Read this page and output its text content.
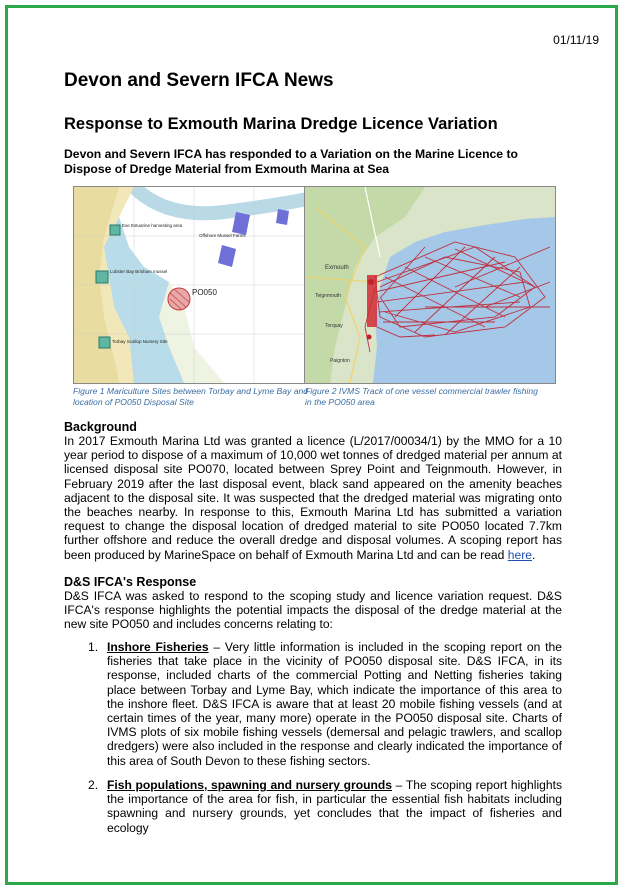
01/11/19
Devon and Severn IFCA News
Response to Exmouth Marina Dredge Licence Variation

Devon and Severn IFCA has responded to a Variation on the Marine Licence to Dispose of Dredge Material from Exmouth Marina at Sea

PO050
Offshore Mussel Farms
Exe Estuarine harvesting area
Lobster Bay Brixham mussel
Torbay Scallop Nursery Site

Figure 1 Mariculture Sites between Torbay and Lyme Bay and location of PO050 Disposal Site

Exmouth
Teignmouth
Torquay
Paignton

Figure 2 IVMS Track of one vessel commercial trawler fishing in the PO050 area

Background

In 2017 Exmouth Marina Ltd was granted a licence (L/2017/00034/1) by the MMO for a 10 year period to dispose of a maximum of 10,000 wet tonnes of dredged material per annum at licensed disposal site PO070, located between Sprey Point and Teignmouth. However, in February 2019 after the last disposal event, black sand appeared on the amenity beaches adjacent to the disposal site. It was suspected that the dredged material was migrating onto the beaches nearby. In response to this, Exmouth Marina Ltd has submitted a variation request to change the disposal location of dredged material to site PO050 located 7.7km further offshore and reduce the overall dredge and disposal volumes. A scoping report has been produced by MarineSpace on behalf of Exmouth Marina Ltd and can be read here.

D&S IFCA's Response

D&S IFCA was asked to respond to the scoping study and licence variation request. D&S IFCA's response highlights the potential impacts the disposal of the dredge material at the new site PO050 and includes concerns relating to:

1. Inshore Fisheries – Very little information is included in the scoping report on the fisheries that take place in the vicinity of PO050 disposal site. D&S IFCA, in its response, included charts of the commercial Potting and Netting fisheries taking place between Torbay and Lyme Bay, which indicate the importance of this area to the inshore fleet. D&S IFCA is aware that at least 20 mobile fishing vessels (and at certain times of the year, many more) operate in the PO050 disposal site. Charts of IVMS plots of six mobile fishing vessels (demersal and pelagic trawlers, and scallop dredgers) were also included in the response and clearly indicated the importance of this area of South Devon to these fishing sectors.
2. Fish populations, spawning and nursery grounds – The scoping report highlights the importance of the area for fish, in particular the essential fish habitats including spawning and nursery grounds, yet concludes that the impact of fisheries and ecology
